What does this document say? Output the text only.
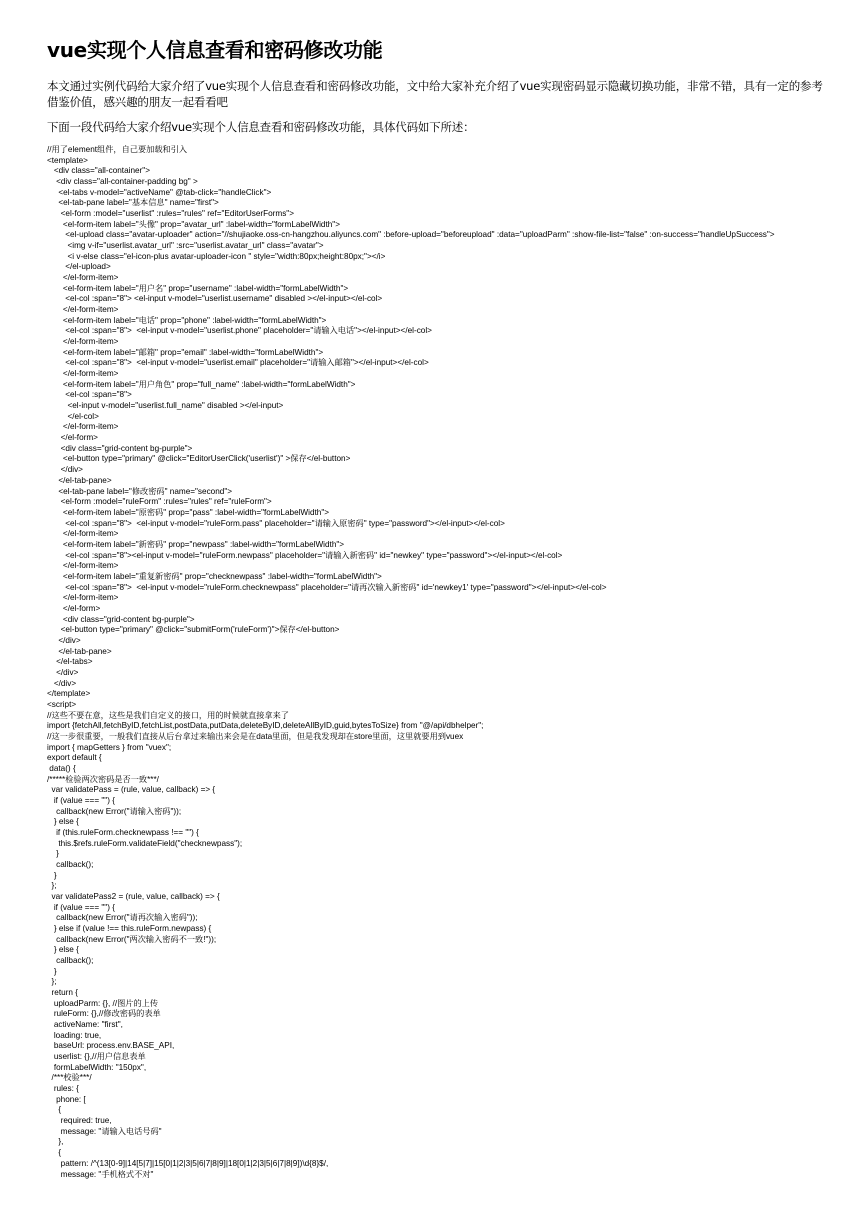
vue实现个人信息查看和密码修改功能

本文通过实例代码给大家介绍了vue实现个人信息查看和密码修改功能，文中给大家补充介绍了vue实现密码显示隐藏切换功能，非常不错，具有一定的参考借鉴价值，感兴趣的朋友一起看看吧

下面一段代码给大家介绍vue实现个人信息查看和密码修改功能，具体代码如下所述：

//用了element组件，自己要加载和引入
<template>
<div class="all-container">
<div class="all-container-padding bg" >
<el-tabs v-model="activeName" @tab-click="handleClick">
<el-tab-pane label="基本信息" name="first">
<el-form :model="userlist" :rules="rules" ref="EditorUserForms">
<el-form-item label="头像" prop="avatar_url" :label-width="formLabelWidth">
<el-upload class="avatar-uploader" action="//shujiaoke.oss-cn-hangzhou.aliyuncs.com" :before-upload="beforeupload" :data="uploadParm" :show-file-list="false" :on-success="handleUpSuccess">
<img v-if="userlist.avatar_url" :src="userlist.avatar_url" class="avatar">
<i v-else class="el-icon-plus avatar-uploader-icon " style="width:80px;height:80px;"></i>
</el-upload>
</el-form-item>
<el-form-item label="用户名" prop="username" :label-width="formLabelWidth">
<el-col :span="8"> <el-input v-model="userlist.username" disabled ></el-input></el-col>
</el-form-item>
<el-form-item label="电话" prop="phone" :label-width="formLabelWidth">
<el-col :span="8">  <el-input v-model="userlist.phone" placeholder="请输入电话"></el-input></el-col>
</el-form-item>
<el-form-item label="邮箱" prop="email" :label-width="formLabelWidth">
<el-col :span="8">  <el-input v-model="userlist.email" placeholder="请输入邮箱"></el-input></el-col>
</el-form-item>
<el-form-item label="用户角色" prop="full_name" :label-width="formLabelWidth">
<el-col :span="8">
<el-input v-model="userlist.full_name" disabled ></el-input>
</el-col>
</el-form-item>
</el-form>
<div class="grid-content bg-purple">
<el-button type="primary" @click="EditorUserClick('userlist')" >保存</el-button>
</div>
</el-tab-pane>
<el-tab-pane label="修改密码" name="second">
<el-form :model="ruleForm" :rules="rules" ref="ruleForm">
<el-form-item label="原密码" prop="pass" :label-width="formLabelWidth">
<el-col :span="8">  <el-input v-model="ruleForm.pass" placeholder="请输入原密码" type="password"></el-input></el-col>
</el-form-item>
<el-form-item label="新密码" prop="newpass" :label-width="formLabelWidth">
<el-col :span="8"><el-input v-model="ruleForm.newpass" placeholder="请输入新密码" id="newkey" type="password"></el-input></el-col>
</el-form-item>
<el-form-item label="重复新密码" prop="checknewpass" :label-width="formLabelWidth">
<el-col :span="8">  <el-input v-model="ruleForm.checknewpass" placeholder="请再次输入新密码" id='newkey1' type="password"></el-input></el-col>
</el-form-item>
</el-form>
<div class="grid-content bg-purple">
<el-button type="primary" @click="submitForm('ruleForm')">保存</el-button>
</div>
</el-tab-pane>
</el-tabs>
</div>
</div>
</template>
<script>
//这些不要在意，这些是我们自定义的接口，用的时候就直接拿来了
import {fetchAll,fetchByID,fetchList,postData,putData,deleteByID,deleteAllByID,guid,bytesToSize} from "@/api/dbhelper";
//这一步很重要，一般我们直接从后台拿过来输出来会是在data里面，但是我发现却在store里面，这里就要用到vuex
import { mapGetters } from "vuex";
export default {
data() {
/*****检验两次密码是否一致***/
var validatePass = (rule, value, callback) => {
if (value === "") {
callback(new Error("请输入密码"));
} else {
if (this.ruleForm.checknewpass !== "") {
this.$refs.ruleForm.validateField("checknewpass");
}
callback();
}
};
var validatePass2 = (rule, value, callback) => {
if (value === "") {
callback(new Error("请再次输入密码"));
} else if (value !== this.ruleForm.newpass) {
callback(new Error("两次输入密码不一致!"));
} else {
callback();
}
};
return {
uploadParm: {}, //图片的上传
ruleForm: {},//修改密码的表单
activeName: "first",
loading: true,
baseUrl: process.env.BASE_API,
userlist: {},//用户信息表单
formLabelWidth: "150px",
/***校验***/
rules: {
phone: [
{
required: true,
message: "请输入电话号码"
},
{
pattern: /^(13[0-9]|14[5|7]|15[0|1|2|3|5|6|7|8|9]|18[0|1|2|3|5|6|7|8|9])\d{8}$/,
message: "手机格式不对"
